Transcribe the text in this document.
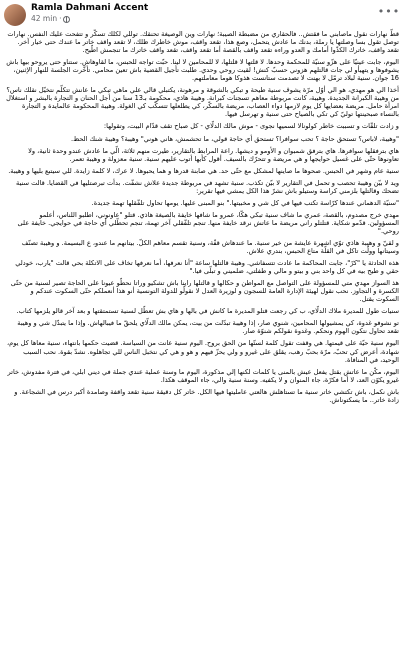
Ramla Dahmani Accent
42 min ·
•••

قطّ نهارات نقول ماصابني ما فقتش.. فالحقاري من مضبطة الصيبة؛ نهارات وين الوصيغة تحنقك. توللي لكلك تسكّر و تتفحت عليك النفس. نهارات توصل تقول بسا وصلتها يا رملة، بدنك ما عادش يتحمل، وصع هذا، تقعد واقف، موش خاطرك ظلك، لا تقعد واقف خاتر ما عندك حتى خيار آخر. تقعد واقف، خاترك الكذّوا أمامك و العدو وراءه تقعد واقف بالقصة أما تقعد واقف، تقعد واقف خاترك ما تنجمش اطّيح.

اليوم، جابت عينيّا على هزّو سنيّة للمحكمة وحدها. لا قلتها لا قلتلها، لا للمحامين لا لينا. حبّت تواجه للحبس، ما لقاوهاش. ستناو حتى يروحو بيها باش يشوفوها و يتهيأو لي جات قالتلهم هزوني حسبّ كنش! لقيت روحي وحدي. طلبت تأجيل القضية باش تعين محامي. تأخّرت الجلسة للنهار الإثنين، 16 جوان. سنية لبلاد ترمّل لا بهنت لا تصدمت ستانست هذوكا هوما معاملتهم.

أخذا الي هو مهدي، هو الي أوّل مرّة يشوف سنية طيحة و تبكي بالشوقة و مرهونة، يكتبلي قالي علي ماهي تبكي ما عانش تتكلّم نتخيّل نقلك ناس؟ من وهيبة الكبرانة الجديدة. وهيبة، كانت مربوطة معاهم تسجنات كبرانة. وهيبة هاذي، محكومة بـ13 سنا من أجل الحنان و التجارة بالبشر و استغلال امرأة حامل. مريضة بعضايها كل يوم لازمها دواء العصاب، مريضة بالسكّر، كي يطلعلها تتسكّب كي الغولة. وهيبة المحكومة عالمايدة و التجارة بالنساء صبحينتها توليّ كي تكي بالصياح حتى سنية و تهرسل فيها.

و زادت تلقّات و تسببت خاطر كولونالا لسميها نجوى - موش مالك الدلّاي - كل صباح تقف قدّام البيت، وتقولها:

"وهيبة، لاباس؟ تستحق حاجة ؟ تحب سوافرا؟ تستحق أي حاجة قولي، ما تحشمش، هاني هوني" وهيبة؟ وهيبة شنك الحظ.

هاي بترفقلها سوافرها. هاي بترفق شمبوان و الأومو و ديشها. راعة المرابط بالتقارير، طيرت منهم ثلاثة، الّي ما عادش عندو وحدة ثانية، ولا تعاونوها حتّى على غسيل حوايجها و هي مريضة و تتحرّك بالسيف. أقول كأيها أتوب عليهم سنية. سنية معزولة و وهيبة تعمر.

سنية عام وشهر في الحبس. صحوها ما صاينها لمشكل مع حتّى حد. هي صابنة قدرها و هما يحبوها. لا عرك، لا كلمة زايدة. للي سيتبع بليها و وهيبة.

ويد لا بيّن وهيبة تحصب و تحمل في التقارير لا بيّن تكذب. سنية تشهد في مربوطة جديدة علاش نشفّت. بدأت تبرصتليها في القضايا. قالت سنية تضحك وقالتلها بلزمني كراسة وستيلو باش نشرّ هذا الكل يمشي فيها تقرير:

"سنيّة الدهماني عندها كرّاسة تكتب فيها في كل شي و مخبيتها." بنو المبنى عليها. يومها تحاول تلفّقلها تهمة جديدة.

مهدي خرج مصدوم، بالقصة، عمري ما شاف سنية تبكي هكّا، عمرو ما شافها خايفة بالصيغة هاذي. قتلو "عاونوني، اطلبو اللناس، أعلمو المسؤولين. قدّمو شكاية. قتلتلو راني مريضة ما عاتش نرقد خايفة منها. تنجم تلفّقلي آخر تهمة، تنجم تحطّلي أي حاجة في حوايجي. خايفة على روحي."

و لقيّ و وهيبة هاذي توّي اشهرة عايشة من خير سنية. ما عندهاش قفّة، وسنية تقسم معاهم الكلّ. بيتانهم ما عندو، ع البسيمة. و وهيبة تصنّف وسيتانها وولّت تاكل في القلّة متاع الحبس، بندري علاش.

هذه الحادثة يا "كرّ"، جابت المحاكمة ما عادت تتسفاشي. وهيبة قالتلها ساعة "أنا نعرفها، أما نعرفها تخاف على الاتكلة بحي قالت "يارب، خودلي حقي و طيح بيه في كل واحد بني و بيتو و مالي و طفلتي، ضلميني و تبلّى فيا."

هذ السواز مهدي متي للمسؤولة على التواصل مع المواطن و حكالها و قالتلها راينا باش تشكيو وراتا نحطّو عيونا على الحاجة تصير لسنية من حتّى الكسرة و التجاوز. نحب نقول لهيئة الإدارة العامة للسجون و لوزيرة العدل لا نقولّو للدولة التونسية أنو هذا أنعملكم حتّى السكوت عندكم و السكوت يقتل.

سنيات طول للمديرة ملاك الدلّاي، ب كي رجعت قتلو المديرة ما كانش في بالها و هاي بش تعطّل لسنية تستمتقتها و بعد آخر قالو يلزمها كتاب.

تو نشوفو غدوة، كي يمشيولها المحامين، شنوي صار، إذا وهيبة تبدّلت من بيت، يمكن مالك الدلّاي يلحقّ ما فيبالهاش. وإذا ما يتبدّل شي و وهيبة تقعد تحاول نتكون الهوم ونحكم. وغدوة نقولكم شنوّة صار.

اليوم سنية حيّة على قيمتها. هي وقفت تقول كلمة لستّها من الحق بروح. اليوم سنية عانت من السياسة. قضيت حكمها بانتهاء، سنية معاها كل يوم، شهادة، أعرض كي تحبّ، مرّة بحبّ رهب، يقلق على غيرو و ولي يحزّ فيهم و هو و هي كي نتخبل الناس للي تجاهلوه. نشدّ بقوة. نحب السبب الوحيد، في المنافاة.

اليوم، مكّن ما عاتش بقتل يفعل عيش بالمنى يا كلمات لكنها إلي مذكورة، اليوم ما وسنة عملية عندي جملة في ديني ابلي، في فترة مفدوش، خاتر غيرو يكوّن العد، لا أما فكرّة، جاء المنوان و لا يكفيه. وسنة سنية والي، جاء الموقف هكذا.

باش نكمل، باش تكتشي خاتر سنية ما تستاهلش هالعتي عامليتها فيها الكل. خاتر كل دقيقة سنية تقعد واقفة وصامدة أكبر درس في الشجاعة. و زادة خاتر.. ما يسكتوناش.
